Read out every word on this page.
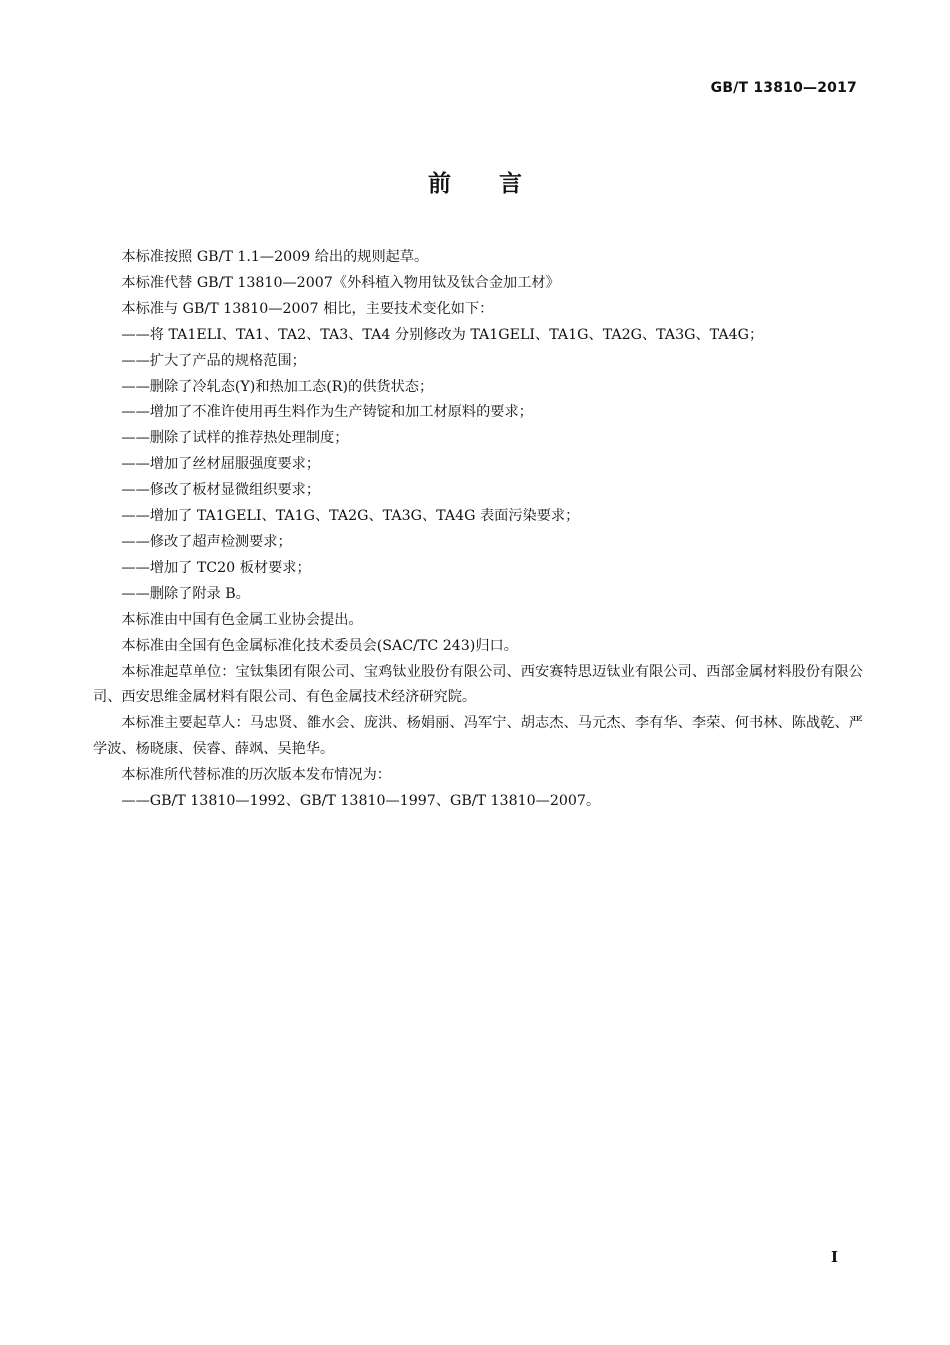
GB/T 13810—2017
前 言

本标准按照 GB/T 1.1—2009 给出的规则起草。

本标准代替 GB/T 13810—2007《外科植入物用钛及钛合金加工材》

本标准与 GB/T 13810—2007 相比，主要技术变化如下：

——将 TA1ELI、TA1、TA2、TA3、TA4 分别修改为 TA1GELI、TA1G、TA2G、TA3G、TA4G；

——扩大了产品的规格范围；

——删除了冷轧态(Y)和热加工态(R)的供货状态；

——增加了不准许使用再生料作为生产铸锭和加工材原料的要求；

——删除了试样的推荐热处理制度；

——增加了丝材屈服强度要求；

——修改了板材显微组织要求；

——增加了 TA1GELI、TA1G、TA2G、TA3G、TA4G 表面污染要求；

——修改了超声检测要求；

——增加了 TC20 板材要求；

——删除了附录 B。

本标准由中国有色金属工业协会提出。

本标准由全国有色金属标准化技术委员会(SAC/TC 243)归口。

本标准起草单位：宝钛集团有限公司、宝鸡钛业股份有限公司、西安赛特思迈钛业有限公司、西部金属材料股份有限公司、西安思维金属材料有限公司、有色金属技术经济研究院。

本标准主要起草人：马忠贤、雒水会、庞洪、杨娟丽、冯军宁、胡志杰、马元杰、李有华、李荣、何书林、陈战乾、严学波、杨晓康、侯睿、薛飒、吴艳华。

本标准所代替标准的历次版本发布情况为：

——GB/T 13810—1992、GB/T 13810—1997、GB/T 13810—2007。

I
